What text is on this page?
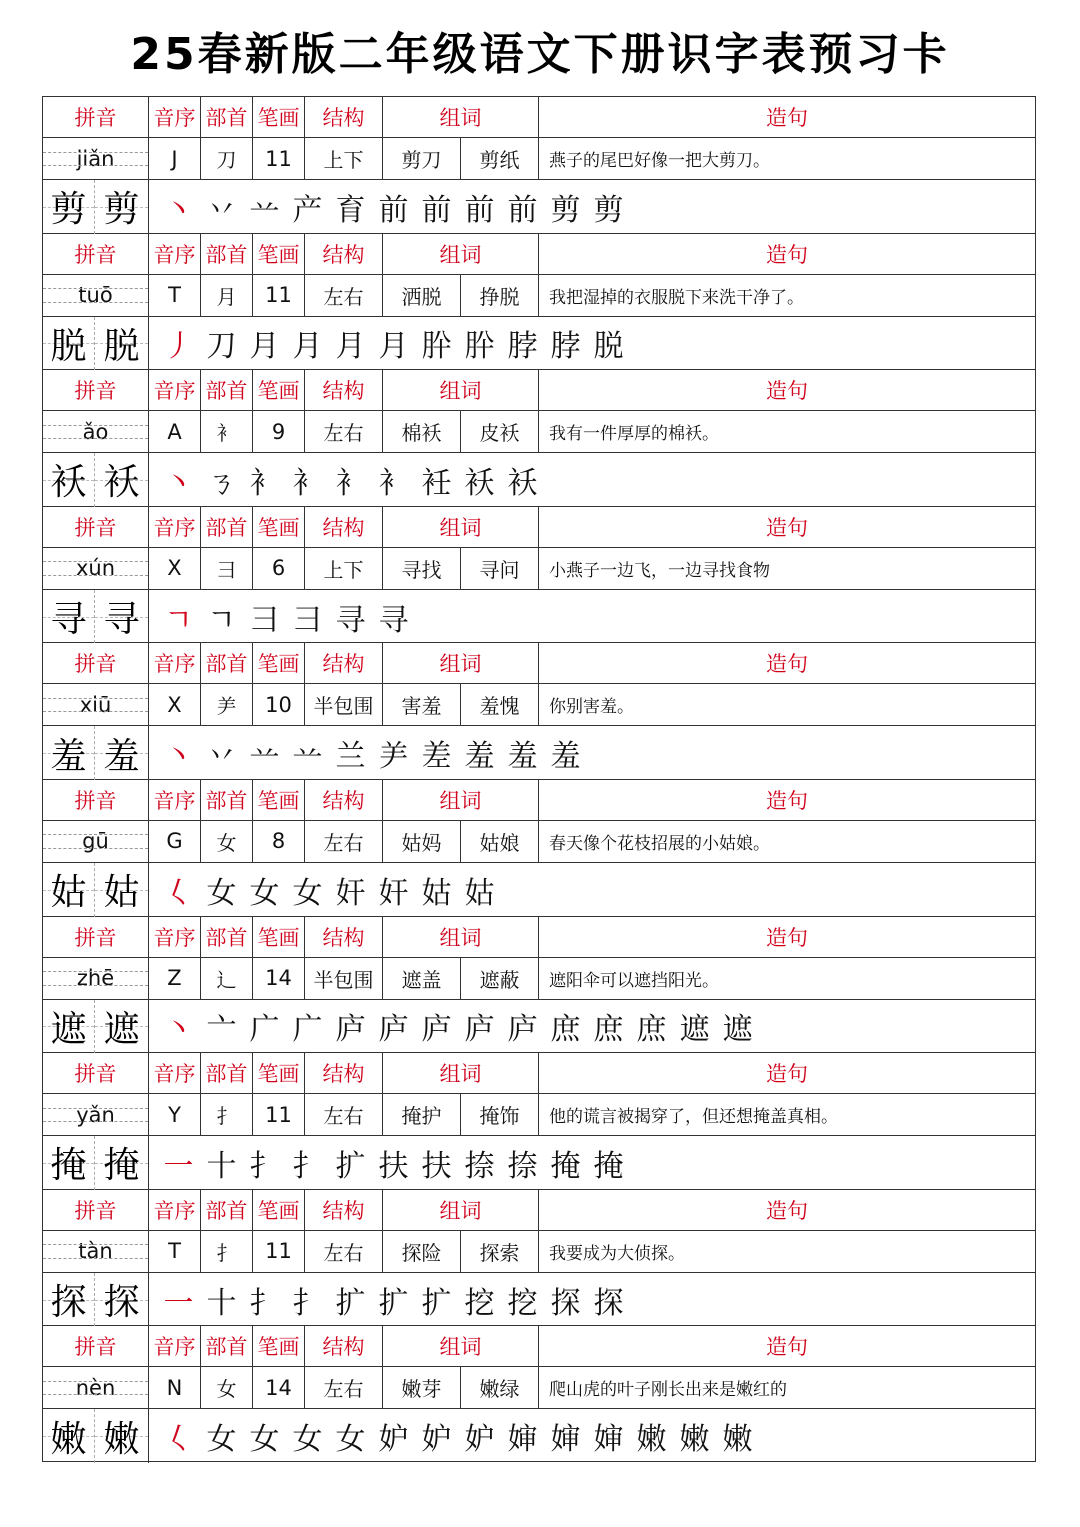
25春新版二年级语文下册识字表预习卡
拼音	音序 部首 笔画	结构	组词	造句
jiǎn	J	刀	11	上下	剪刀	剪纸	燕子的尾巴好像一把大剪刀。
剪 剪 丶 丷 䒑 产 育 前 前 前 前 剪 剪
拼音	音序 部首 笔画	结构	组词	造句
tuō	T	月	11	左右	洒脱	挣脱	我把湿掉的衣服脱下来洗干净了。
脱 脱 丿 刀 月 月 月 月 肸 肸 脖 脖 脱
拼音	音序 部首 笔画	结构	组词	造句
ǎo	A	衤	9	左右	棉袄	皮袄	我有一件厚厚的棉袄。
袄 袄 丶 ㄋ 衤 衤 衤 衤 衽 袄 袄
拼音	音序 部首 笔画	结构	组词	造句
xún	X	彐	6	上下	寻找	寻问	小燕子一边飞，一边寻找食物
寻 寻 ㄱ ㄱ 彐 彐 寻 寻
拼音	音序 部首 笔画	结构	组词	造句
xiū	X	⺶	10	半包围	害羞	羞愧	你别害羞。
羞 羞 丶 丷 䒑 䒑 兰 ⺶ 差 羞 羞 羞
拼音	音序 部首 笔画	结构	组词	造句
gū	G	女	8	左右	姑妈	姑娘	春天像个花枝招展的小姑娘。
姑 姑 𡿨 女 女 女 奸 奸 姑 姑
拼音	音序 部首 笔画	结构	组词	造句
zhē	Z	辶	14	半包围	遮盖	遮蔽	遮阳伞可以遮挡阳光。
遮 遮 丶 亠 广 广 庐 庐 庐 庐 庐 庶 庶 庶 遮 遮
拼音	音序 部首 笔画	结构	组词	造句
yǎn	Y	扌	11	左右	掩护	掩饰	他的谎言被揭穿了，但还想掩盖真相。
掩 掩 一 十 扌 扌 扩 扶 扶 捺 捺 掩 掩
拼音	音序 部首 笔画	结构	组词	造句
tàn	T	扌	11	左右	探险	探索	我要成为大侦探。
探 探 一 十 扌 扌 扩 扩 扩 挖 挖 探 探
拼音	音序 部首 笔画	结构	组词	造句
nèn	N	女	14	左右	嫩芽	嫩绿	爬山虎的叶子刚长出来是嫩红的
嫩 嫩 𡿨 女 女 女 女 妒 妒 妒 婶 婶 婶 嫩 嫩 嫩
